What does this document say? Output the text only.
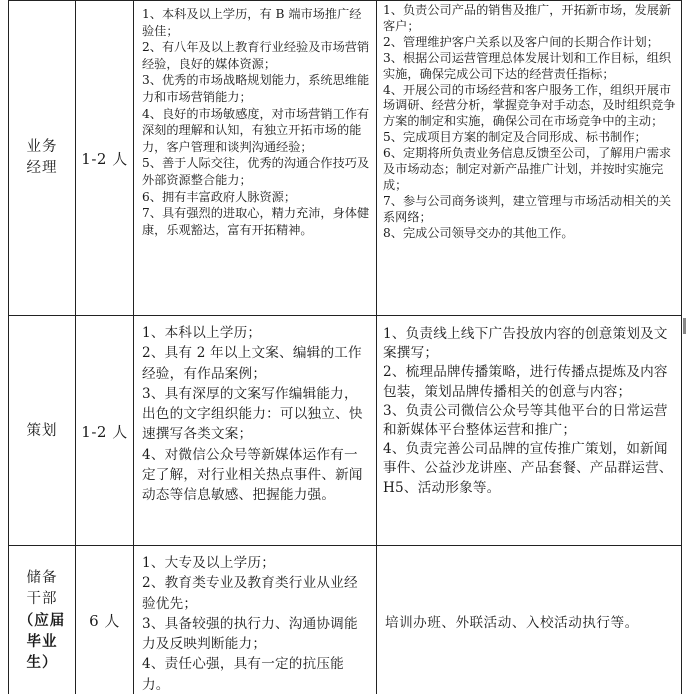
业务
经理
1-2 人
1、本科及以上学历，有 B 端市场推广经验佳；
2、有八年及以上教育行业经验及市场营销经验，良好的媒体资源；
3、优秀的市场战略规划能力，系统思维能力和市场营销能力；
4、良好的市场敏感度，对市场营销工作有深刻的理解和认知，有独立开拓市场的能力，客户管理和谈判沟通经验；
5、善于人际交往，优秀的沟通合作技巧及外部资源整合能力；
6、拥有丰富政府人脉资源；
7、具有强烈的进取心，精力充沛，身体健康，乐观豁达，富有开拓精神。
1、负责公司产品的销售及推广，开拓新市场，发展新客户；
2、管理维护客户关系以及客户间的长期合作计划；
3、根据公司运营管理总体发展计划和工作目标，组织实施，确保完成公司下达的经营责任指标；
4、开展公司的市场经营和客户服务工作，组织开展市场调研、经营分析，掌握竞争对手动态，及时组织竞争方案的制定和实施，确保公司在市场竞争中的主动；
5、完成项目方案的制定及合同形成、标书制作；
6、定期将所负责业务信息反馈至公司，了解用户需求及市场动态；制定对新产品推广计划，并按时实施完成；
7、参与公司商务谈判，建立管理与市场活动相关的关系网络；
8、完成公司领导交办的其他工作。
策划 1-2 人
1、本科以上学历；
2、具有 2 年以上文案、编辑的工作经验，有作品案例；
3、具有深厚的文案写作编辑能力，出色的文字组织能力：可以独立、快速撰写各类文案；
4、对微信公众号等新媒体运作有一定了解，对行业相关热点事件、新闻动态等信息敏感、把握能力强。
1、负责线上线下广告投放内容的创意策划及文案撰写；
2、梳理品牌传播策略，进行传播点提炼及内容包装，策划品牌传播相关的创意与内容；
3、负责公司微信公众号等其他平台的日常运营和新媒体平台整体运营和推广；
4、负责完善公司品牌的宣传推广策划，如新闻事件、公益沙龙讲座、产品套餐、产品群运营、H5、活动形象等。
储备
干部
（应届
毕业
生）
6 人
1、大专及以上学历；
2、教育类专业及教育类行业从业经验优先；
3、具备较强的执行力、沟通协调能力及反映判断能力；
4、责任心强，具有一定的抗压能力。
培训办班、外联活动、入校活动执行等。
